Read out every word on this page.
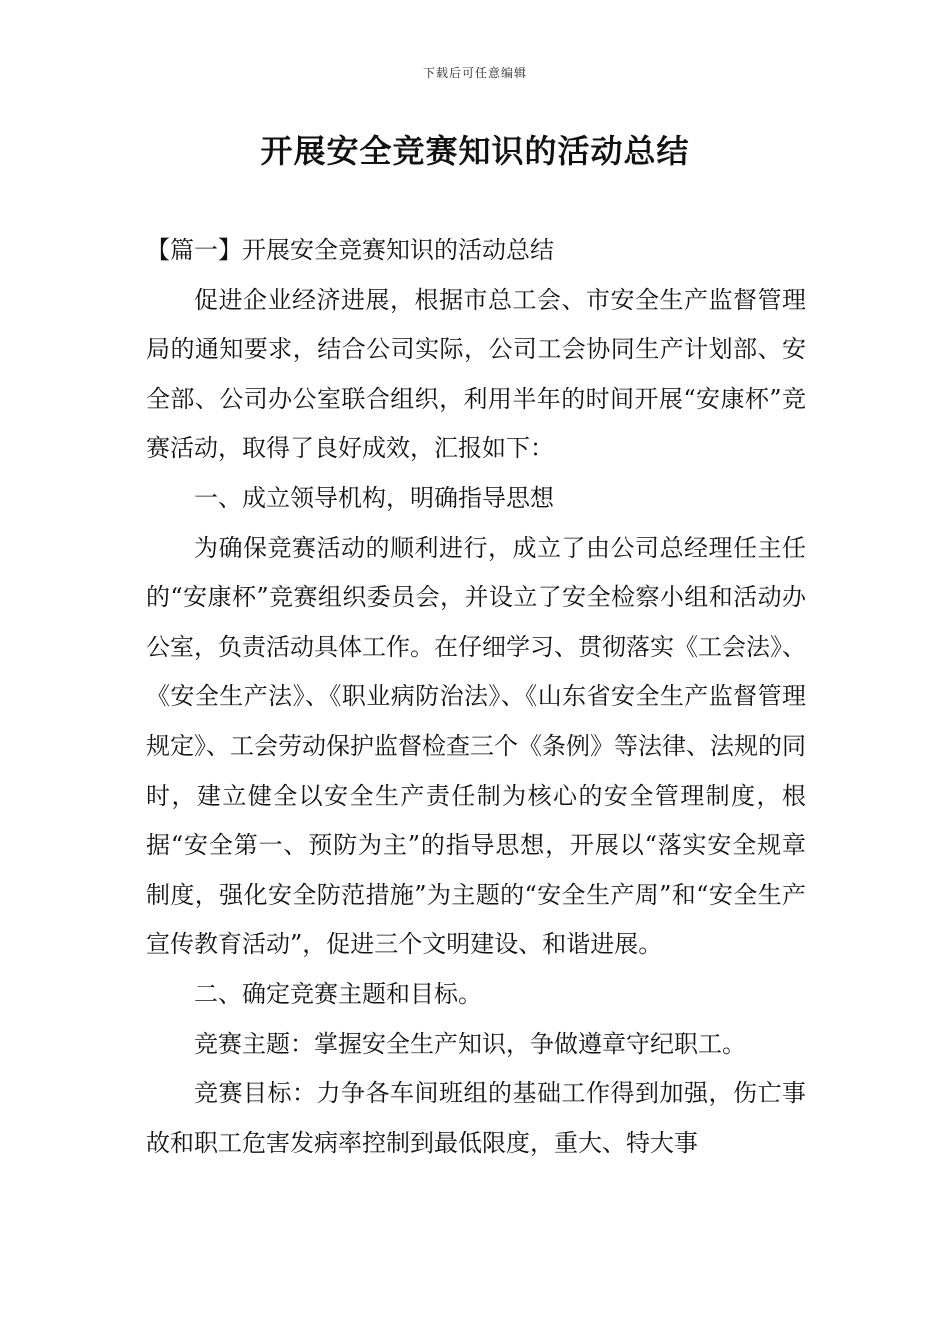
下载后可任意编辑
开展安全竞赛知识的活动总结

【篇一】开展安全竞赛知识的活动总结

促进企业经济进展，根据市总工会、市安全生产监督管理局的通知要求，结合公司实际，公司工会协同生产计划部、安全部、公司办公室联合组织，利用半年的时间开展“安康杯”竞赛活动，取得了良好成效，汇报如下：

一、成立领导机构，明确指导思想

为确保竞赛活动的顺利进行，成立了由公司总经理任主任的“安康杯”竞赛组织委员会，并设立了安全检察小组和活动办公室，负责活动具体工作。在仔细学习、贯彻落实《工会法》、《安全生产法》、《职业病防治法》、《山东省安全生产监督管理规定》、工会劳动保护监督检查三个《条例》等法律、法规的同时，建立健全以安全生产责任制为核心的安全管理制度，根据“安全第一、预防为主”的指导思想，开展以“落实安全规章制度，强化安全防范措施”为主题的“安全生产周”和“安全生产宣传教育活动”，促进三个文明建设、和谐进展。

二、确定竞赛主题和目标。

竞赛主题：掌握安全生产知识，争做遵章守纪职工。

竞赛目标：力争各车间班组的基础工作得到加强，伤亡事故和职工危害发病率控制到最低限度，重大、特大事
